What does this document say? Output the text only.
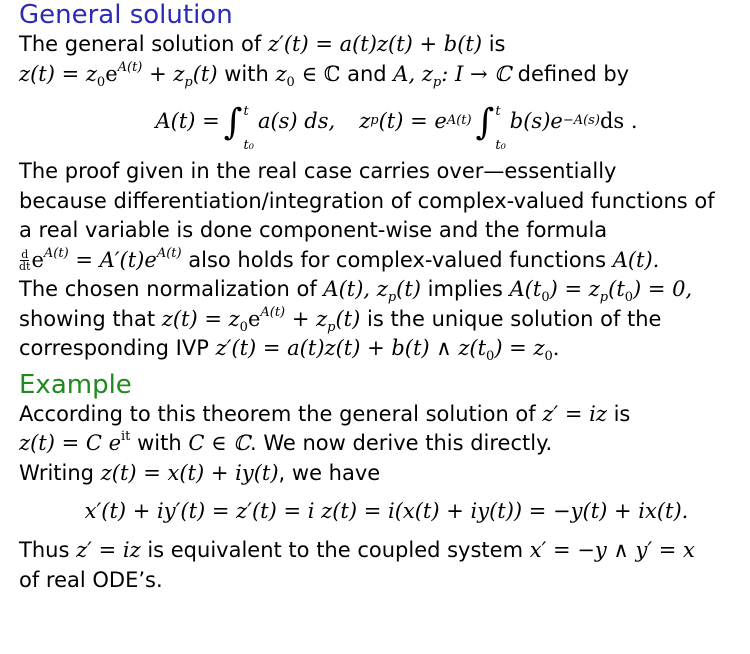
General solution

The general solution of z′(t) = a(t)z(t) + b(t) is

$z(t) = z_0e^{A(t)} + z_p(t)$ with $z_0$ ∈ ℂ and A, $z_p$: I → ℂ defined by

A(t) = ∫ t
t₀
a(s) ds, z p (t) = e A(t) ∫ t
t₀
b(s)e −A(s) ds .

The proof given in the real case carries over—essentially

because differentiation/integration of complex-valued functions of

a real variable is done component-wise and the formula

$\frac{d}{dt} e^{A(t)} = A'(t)e^{A(t)}$ also holds for complex-valued functions A(t).

The chosen normalization of A(t), $z_p(t)$ implies $A(t_0) = z_p(t_0) = 0$,

showing that $z(t) = z_0e^{A(t)} + z_p(t)$ is the unique solution of the

corresponding IVP z′(t) = a(t)z(t) + b(t) ∧ $z(t_0) = z_0$.

Example

According to this theorem the general solution of z′ = iz is

z(t) = C $e^{it}$ with C ∈ ℂ. We now derive this directly.

Writing z(t) = x(t) + iy(t), we have

x′(t) + iy′(t) = z′(t) = i z(t) = i(x(t) + iy(t)) = −y(t) + ix(t).

Thus z′ = iz is equivalent to the coupled system x′ = −y ∧ y′ = x

of real ODE’s.
